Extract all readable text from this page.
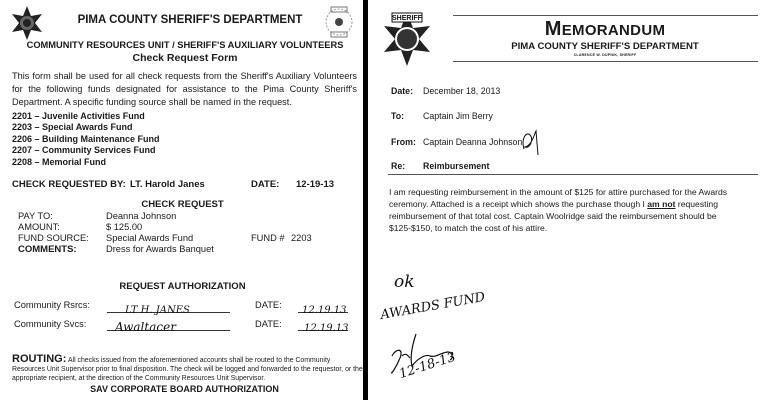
PIMA COUNTY SHERIFF'S DEPARTMENT
COMMUNITY RESOURCES UNIT / SHERIFF'S AUXILIARY VOLUNTEERS
Check Request Form
This form shall be used for all check requests from the Sheriff's Auxiliary Volunteers for the following funds designated for assistance to the Pima County Sheriff's Department. A specific funding source shall be named in the request.
2201 – Juvenile Activities Fund
2203 – Special Awards Fund
2206 – Building Maintenance Fund
2207 – Community Services Fund
2208 – Memorial Fund
CHECK REQUESTED BY: LT. Harold Janes	DATE: 12-19-13
CHECK REQUEST
PAY TO:	Deanna Johnson
AMOUNT:	$ 125.00
FUND SOURCE: Special Awards Fund	FUND # 2203
COMMENTS:	Dress for Awards Banquet
REQUEST AUTHORIZATION
Community Rsrcs:	LT H. JANES	DATE:	12.19.13
Community Svcs:	Awaltacer	DATE:	12.19.13
ROUTING: All checks issued from the aforementioned accounts shall be routed to the Community Resources Unit Supervisor prior to final disposition. The check will be logged and forwarded to the requestor, or the appropriate recipient, at the direction of the Community Resources Unit Supervisor.
SAV CORPORATE BOARD AUTHORIZATION
SHERIFF	MEMORANDUM
PIMA COUNTY SHERIFF'S DEPARTMENT
CLARENCE W. DUPNIK, SHERIFF
Date: December 18, 2013
To: Captain Jim Berry
From: Captain Deanna Johnson
Re: Reimbursement
I am requesting reimbursement in the amount of $125 for attire purchased for the Awards ceremony. Attached is a receipt which shows the purchase though I am not requesting reimbursement of that total cost. Captain Woolridge said the reimbursement should be $125-$150, to match the cost of his attire.
ok
AWARDS FUND
12-18-13
